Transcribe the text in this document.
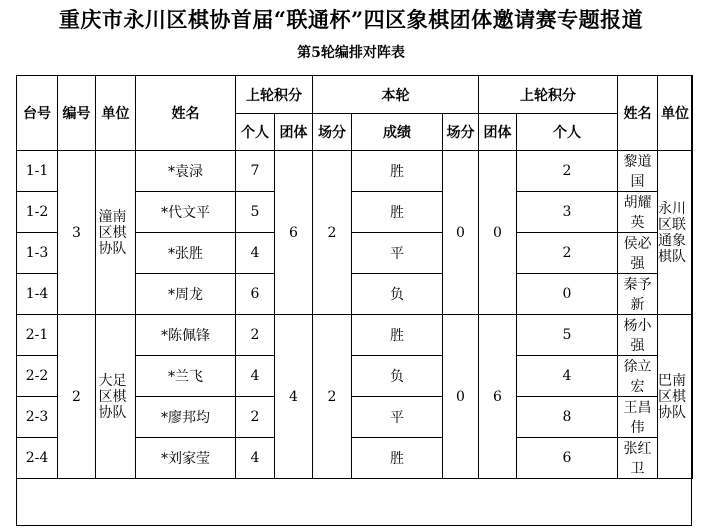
重庆市永川区棋协首届“联通杯”四区象棋团体邀请赛专题报道
第5轮编排对阵表
台号	编号	单位	姓名	上轮积分		本轮			上轮积分		姓名	单位	
				个人	团体	场分	成绩	场分	团体	个人			
1-1	3	潼南区棋协队	*袁渌	7	6	2	胜	0	0	2	黎道国	永川区联通象棋队	
1-2			*代文平	5			胜			3	胡耀英		
1-3			*张胜	4			平			2	侯必强		
1-4			*周龙	6			负			0	秦予新		
2-1	2	大足区棋协队	*陈佩锋	2	4	2	胜	0	6	5	杨小强	巴南区棋协队	
2-2			*兰飞	4			负			4	徐立宏		
2-3			*廖邦均	2			平			8	王昌伟		
2-4			*刘家莹	4			胜			6	张红卫		
